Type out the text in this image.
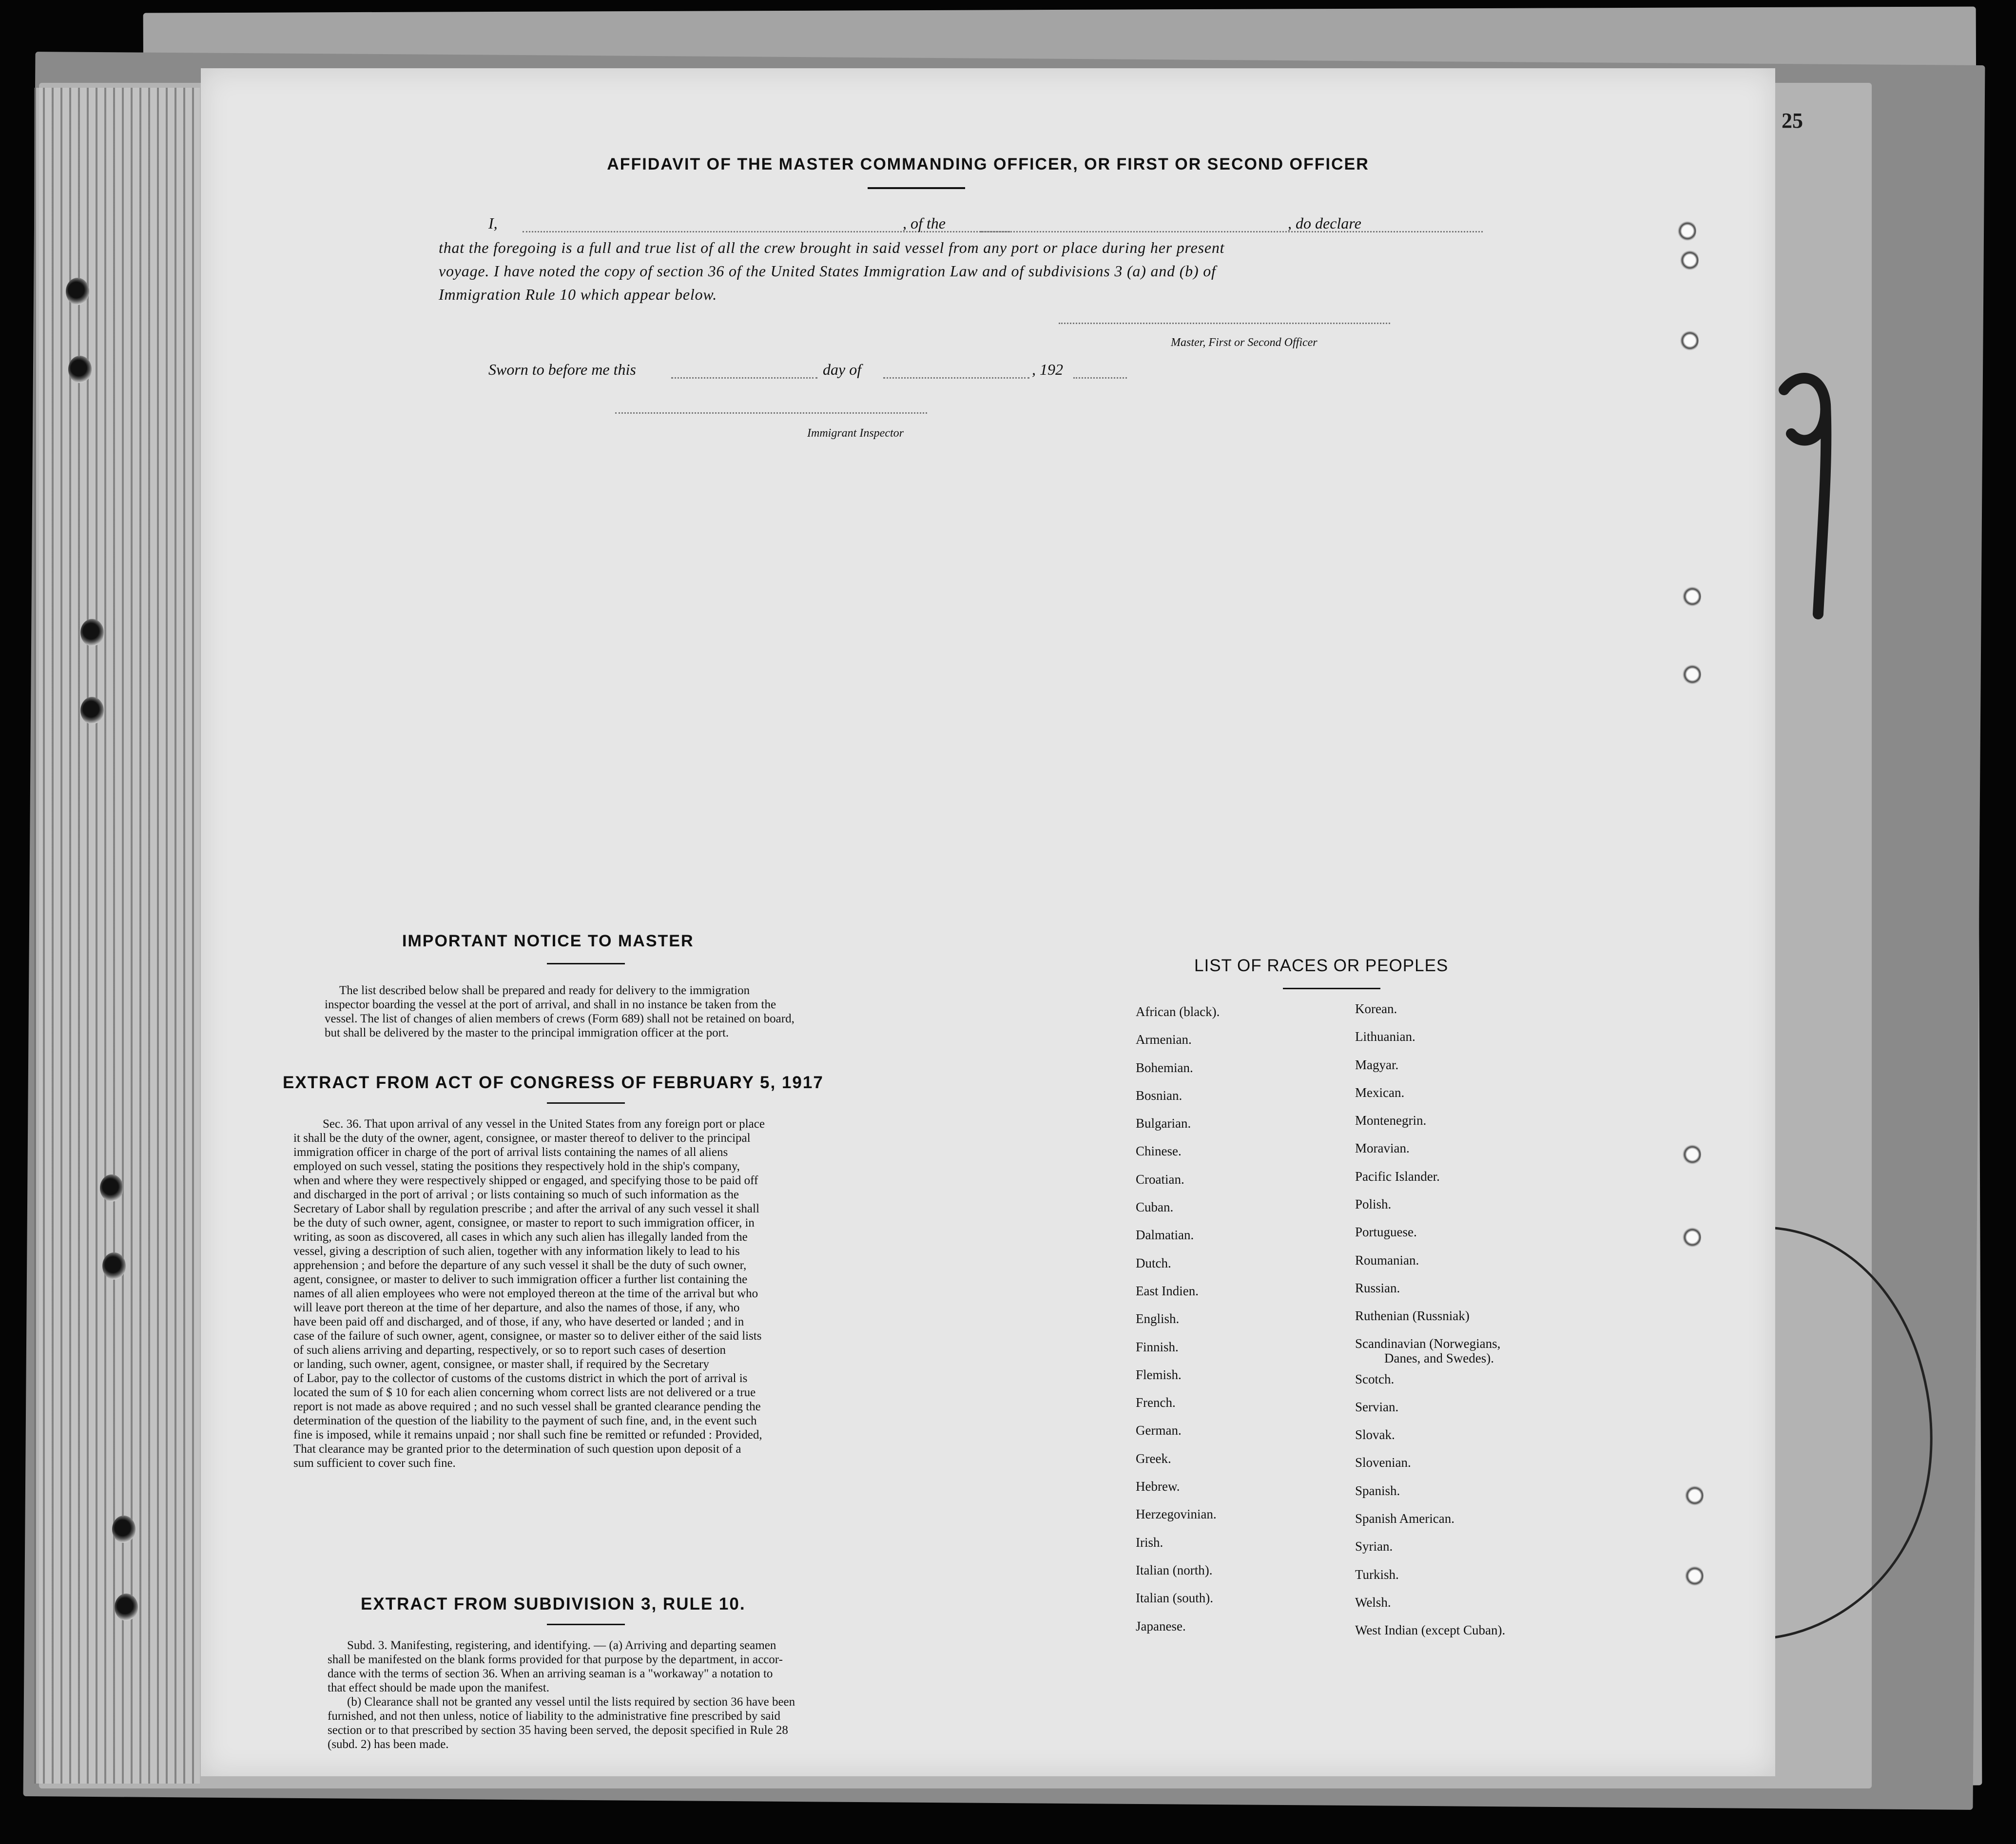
25
AFFIDAVIT OF THE MASTER COMMANDING OFFICER, OR FIRST OR SECOND OFFICER
I,	, of the	, do declare
that the foregoing is a full and true list of all the crew brought in said vessel from any port or place during her present
voyage. I have noted the copy of section 36 of the United States Immigration Law and of subdivisions 3 (a) and (b) of
Immigration Rule 10 which appear below.
Master, First or Second Officer
Sworn to before me this	day of	, 192
Immigrant Inspector
IMPORTANT NOTICE TO MASTER
The list described below shall be prepared and ready for delivery to the immigration
inspector boarding the vessel at the port of arrival, and shall in no instance be taken from the
vessel. The list of changes of alien members of crews (Form 689) shall not be retained on board,
but shall be delivered by the master to the principal immigration officer at the port.
EXTRACT FROM ACT OF CONGRESS OF FEBRUARY 5, 1917
Sec. 36. That upon arrival of any vessel in the United States from any foreign port or place
it shall be the duty of the owner, agent, consignee, or master thereof to deliver to the principal
immigration officer in charge of the port of arrival lists containing the names of all aliens
employed on such vessel, stating the positions they respectively hold in the ship's company,
when and where they were respectively shipped or engaged, and specifying those to be paid off
and discharged in the port of arrival ; or lists containing so much of such information as the
Secretary of Labor shall by regulation prescribe ; and after the arrival of any such vessel it shall
be the duty of such owner, agent, consignee, or master to report to such immigration officer, in
writing, as soon as discovered, all cases in which any such alien has illegally landed from the
vessel, giving a description of such alien, together with any information likely to lead to his
apprehension ; and before the departure of any such vessel it shall be the duty of such owner,
agent, consignee, or master to deliver to such immigration officer a further list containing the
names of all alien employees who were not employed thereon at the time of the arrival but who
will leave port thereon at the time of her departure, and also the names of those, if any, who
have been paid off and discharged, and of those, if any, who have deserted or landed ; and in
case of the failure of such owner, agent, consignee, or master so to deliver either of the said lists
of such aliens arriving and departing, respectively, or so to report such cases of desertion
or landing, such owner, agent, consignee, or master shall, if required by the Secretary
of Labor, pay to the collector of customs of the customs district in which the port of arrival is
located the sum of $ 10 for each alien concerning whom correct lists are not delivered or a true
report is not made as above required ; and no such vessel shall be granted clearance pending the
determination of the question of the liability to the payment of such fine, and, in the event such
fine is imposed, while it remains unpaid ; nor shall such fine be remitted or refunded : Provided,
That clearance may be granted prior to the determination of such question upon deposit of a
sum sufficient to cover such fine.
EXTRACT FROM SUBDIVISION 3, RULE 10.
Subd. 3. Manifesting, registering, and identifying. — (a) Arriving and departing seamen
shall be manifested on the blank forms provided for that purpose by the department, in accor-
dance with the terms of section 36. When an arriving seaman is a "workaway" a notation to
that effect should be made upon the manifest.
(b) Clearance shall not be granted any vessel until the lists required by section 36 have been
furnished, and not then unless, notice of liability to the administrative fine prescribed by said
section or to that prescribed by section 35 having been served, the deposit specified in Rule 28
(subd. 2) has been made.
LIST OF RACES OR PEOPLES
African (black).
Armenian.
Bohemian.
Bosnian.
Bulgarian.
Chinese.
Croatian.
Cuban.
Dalmatian.
Dutch.
East Indien.
English.
Finnish.
Flemish.
French.
German.
Greek.
Hebrew.
Herzegovinian.
Irish.
Italian (north).
Italian (south).
Japanese.
Korean.
Lithuanian.
Magyar.
Mexican.
Montenegrin.
Moravian.
Pacific Islander.
Polish.
Portuguese.
Roumanian.
Russian.
Ruthenian (Russniak)
Scandinavian (Norwegians,
Danes, and Swedes).
Scotch.
Servian.
Slovak.
Slovenian.
Spanish.
Spanish American.
Syrian.
Turkish.
Welsh.
West Indian (except Cuban).
